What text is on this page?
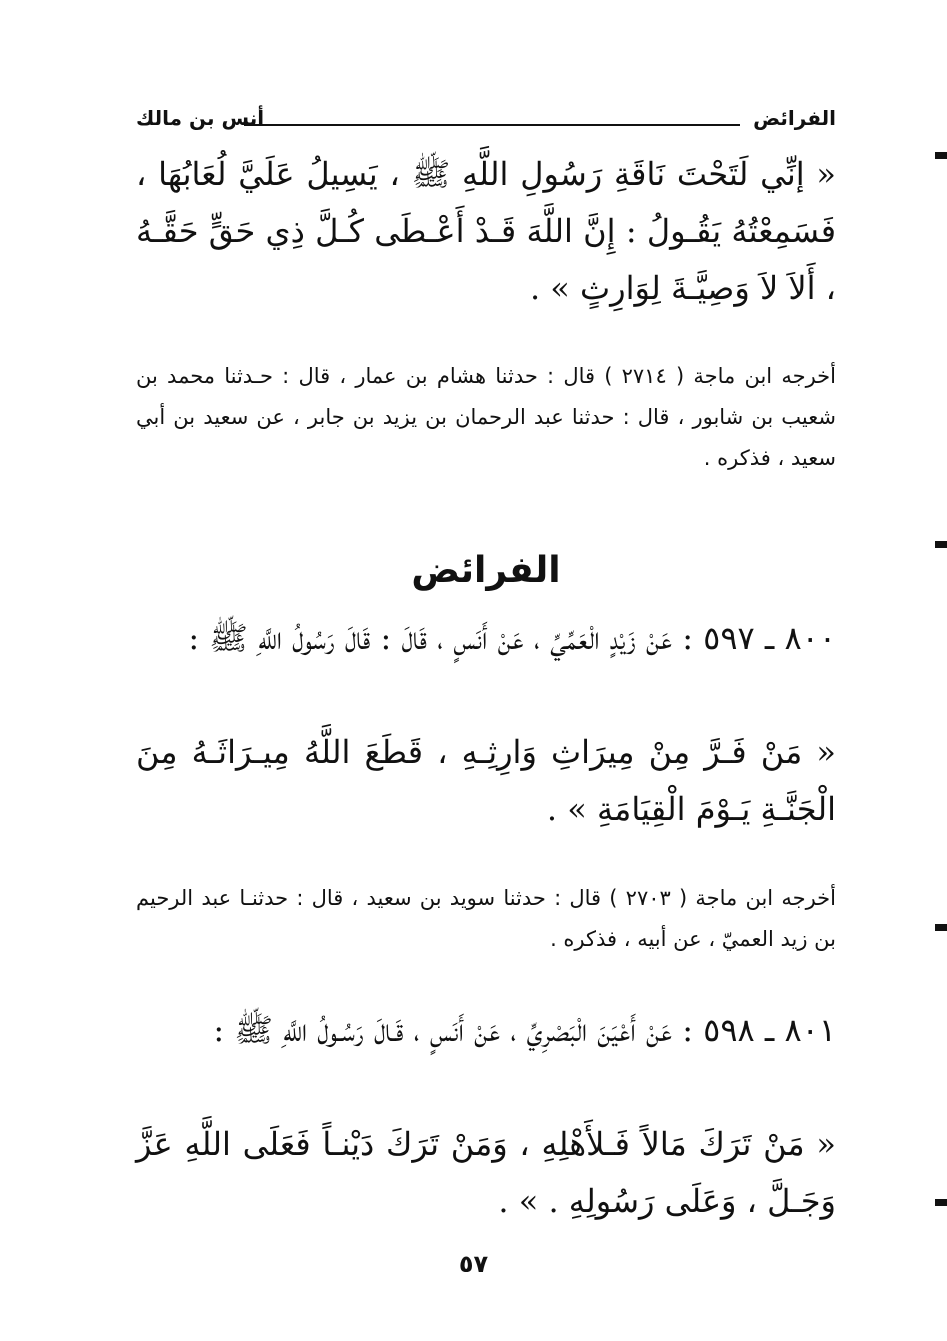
الفرائض
أنس بن مالك
« إنِّي لَتَحْتَ نَاقَةِ رَسُولِ اللَّهِ ﷺ ، يَسِيلُ عَلَيَّ لُعَابُهَا ، فَسَمِعْتُهُ يَقُـولُ : إِنَّ اللَّهَ قَـدْ أَعْـطَى كُـلَّ ذِي حَقٍّ حَقَّـهُ ، أَلاَ لاَ وَصِيَّـةَ لِوَارِثٍ » .
أخرجه ابن ماجة ( ٢٧١٤ ) قال : حدثنا هشام بن عمار ، قال : حـدثنا محمد بن شعيب بن شابور ، قال : حدثنا عبد الرحمان بن يزيد بن جابر ، عن سعيد بن أبي سعيد ، فذكره .
الفرائض
٨٠٠ ـ ٥٩٧ : عَنْ زَيْدٍ الْعَمِّيِّ ، عَنْ أَنَسٍ ، قَالَ : قَالَ رَسُولُ اللَّهِ ﷺ :
« مَنْ فَـرَّ مِنْ مِيرَاثِ وَارِثِـهِ ، قَطَعَ اللَّهُ مِيـرَاثَـهُ مِنَ الْجَنَّـةِ يَـوْمَ الْقِيَامَةِ » .
أخرجه ابن ماجة ( ٢٧٠٣ ) قال : حدثنا سويد بن سعيد ، قال : حدثنـا عبد الرحيم بن زيد العميّ ، عن أبيه ، فذكره .
٨٠١ ـ ٥٩٨ : عَنْ أَعْيَنَ الْبَصْرِيِّ ، عَنْ أَنَسٍ ، قَـالَ رَسُـولُ اللَّهِ ﷺ :
« مَنْ تَرَكَ مَالاً فَـلأَهْلِهِ ، وَمَنْ تَرَكَ دَيْنـاً فَعَلَى اللَّهِ عَزَّ وَجَـلَّ ، وَعَلَى رَسُولِهِ . » .
٥٧
